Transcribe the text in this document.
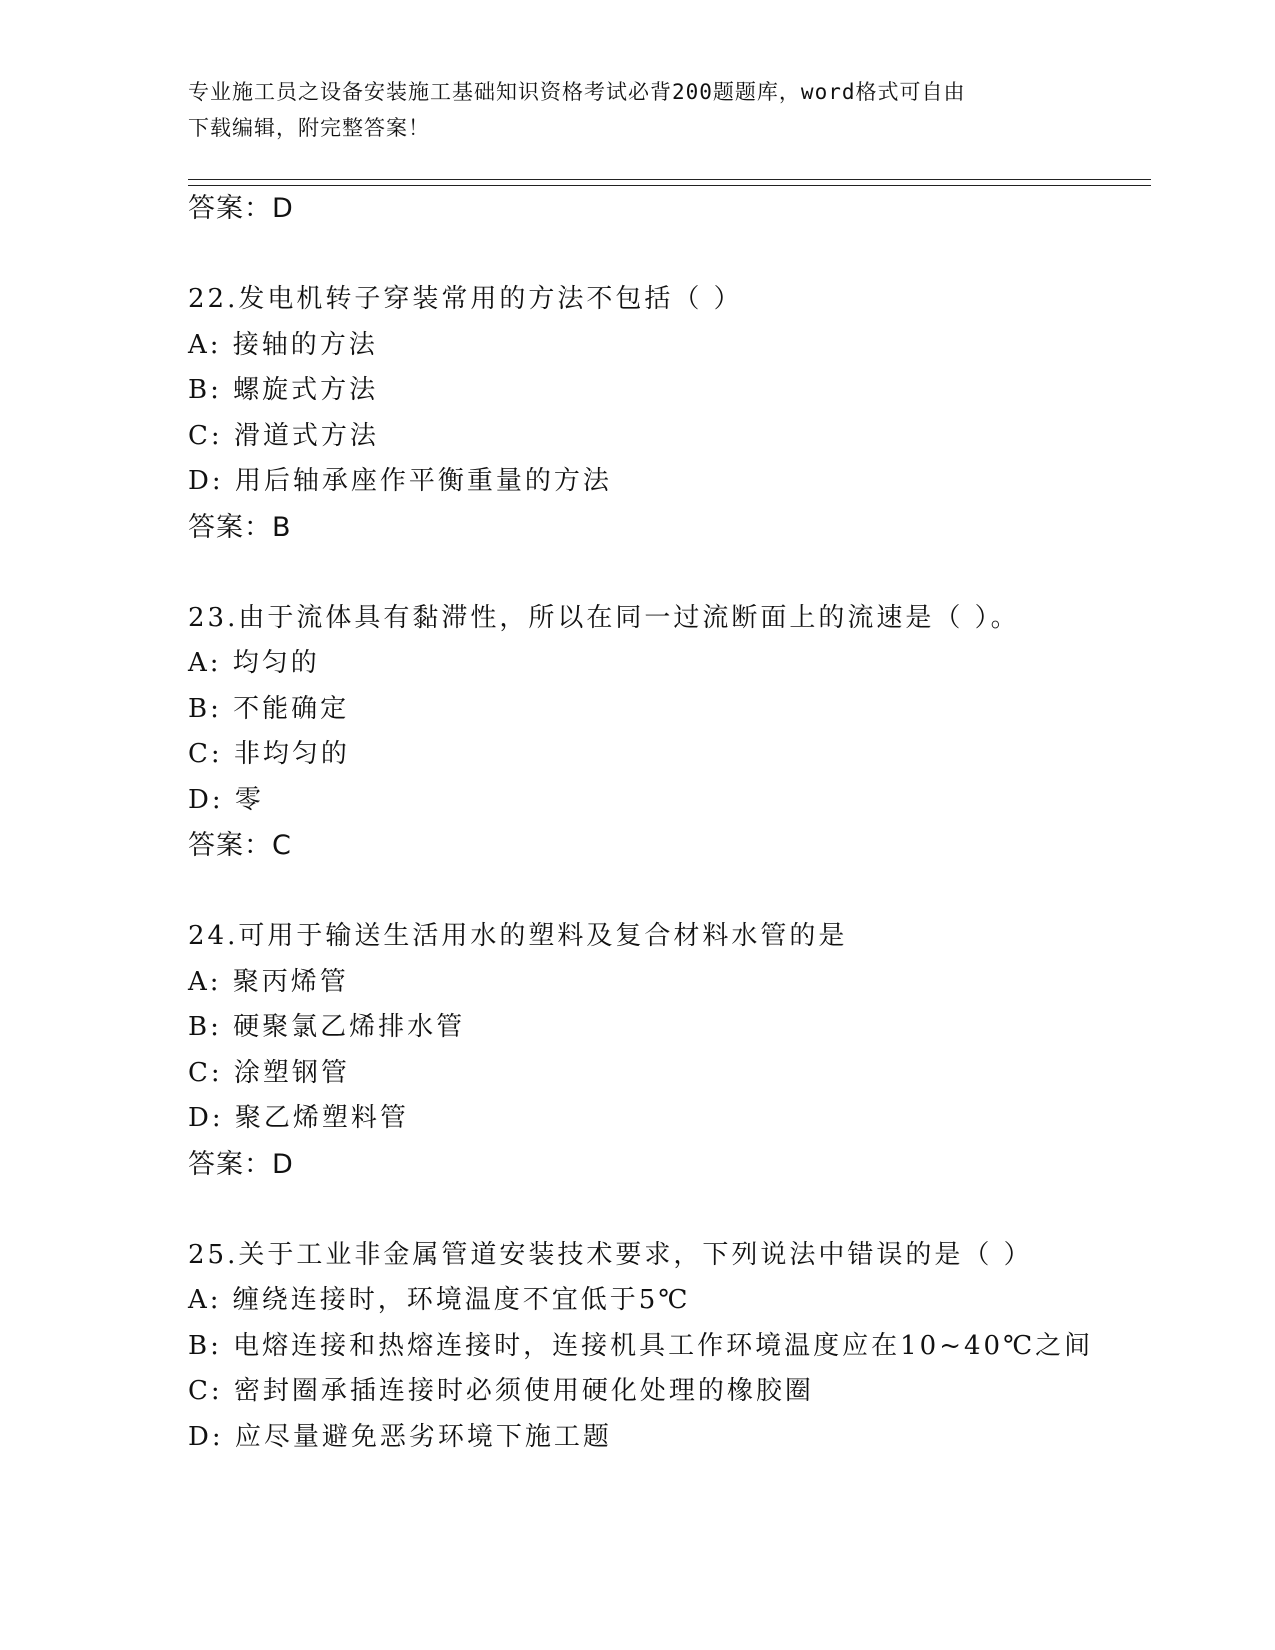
专业施工员之设备安装施工基础知识资格考试必背200题题库，word格式可自由
下载编辑，附完整答案！
答案：D
22.发电机转子穿装常用的方法不包括（ ）
A: 接轴的方法
B: 螺旋式方法
C: 滑道式方法
D: 用后轴承座作平衡重量的方法
答案：B
23.由于流体具有黏滞性，所以在同一过流断面上的流速是（ ）。
A: 均匀的
B: 不能确定
C: 非均匀的
D: 零
答案：C
24.可用于输送生活用水的塑料及复合材料水管的是
A: 聚丙烯管
B: 硬聚氯乙烯排水管
C: 涂塑钢管
D: 聚乙烯塑料管
答案：D
25.关于工业非金属管道安装技术要求，下列说法中错误的是（ ）
A: 缠绕连接时，环境温度不宜低于5℃
B: 电熔连接和热熔连接时，连接机具工作环境温度应在10~40℃之间
C: 密封圈承插连接时必须使用硬化处理的橡胶圈
D: 应尽量避免恶劣环境下施工题
